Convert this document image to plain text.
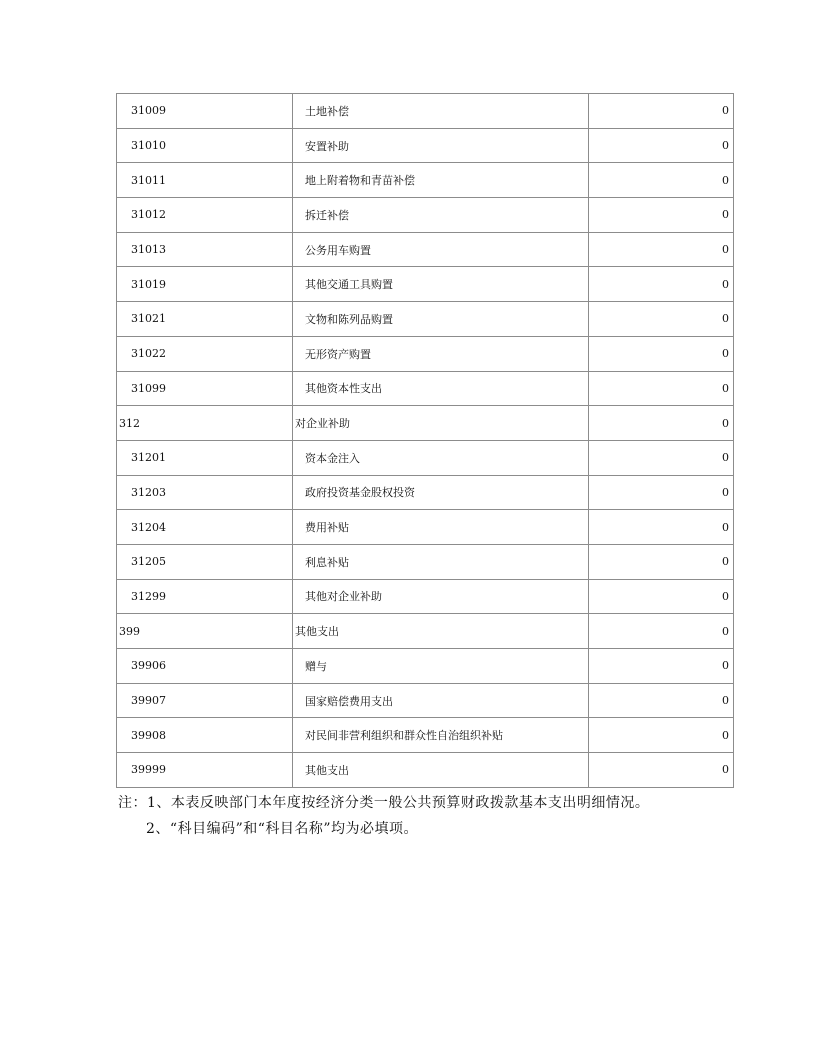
31009	土地补偿	0
31010	安置补助	0
31011	地上附着物和青苗补偿	0
31012	拆迁补偿	0
31013	公务用车购置	0
31019	其他交通工具购置	0
31021	文物和陈列品购置	0
31022	无形资产购置	0
31099	其他资本性支出	0
312	对企业补助	0
31201	资本金注入	0
31203	政府投资基金股权投资	0
31204	费用补贴	0
31205	利息补贴	0
31299	其他对企业补助	0
399	其他支出	0
39906	赠与	0
39907	国家赔偿费用支出	0
39908	对民间非营利组织和群众性自治组织补贴	0
39999	其他支出	0
注：1、本表反映部门本年度按经济分类一般公共预算财政拨款基本支出明细情况。
2、“科目编码”和“科目名称”均为必填项。
